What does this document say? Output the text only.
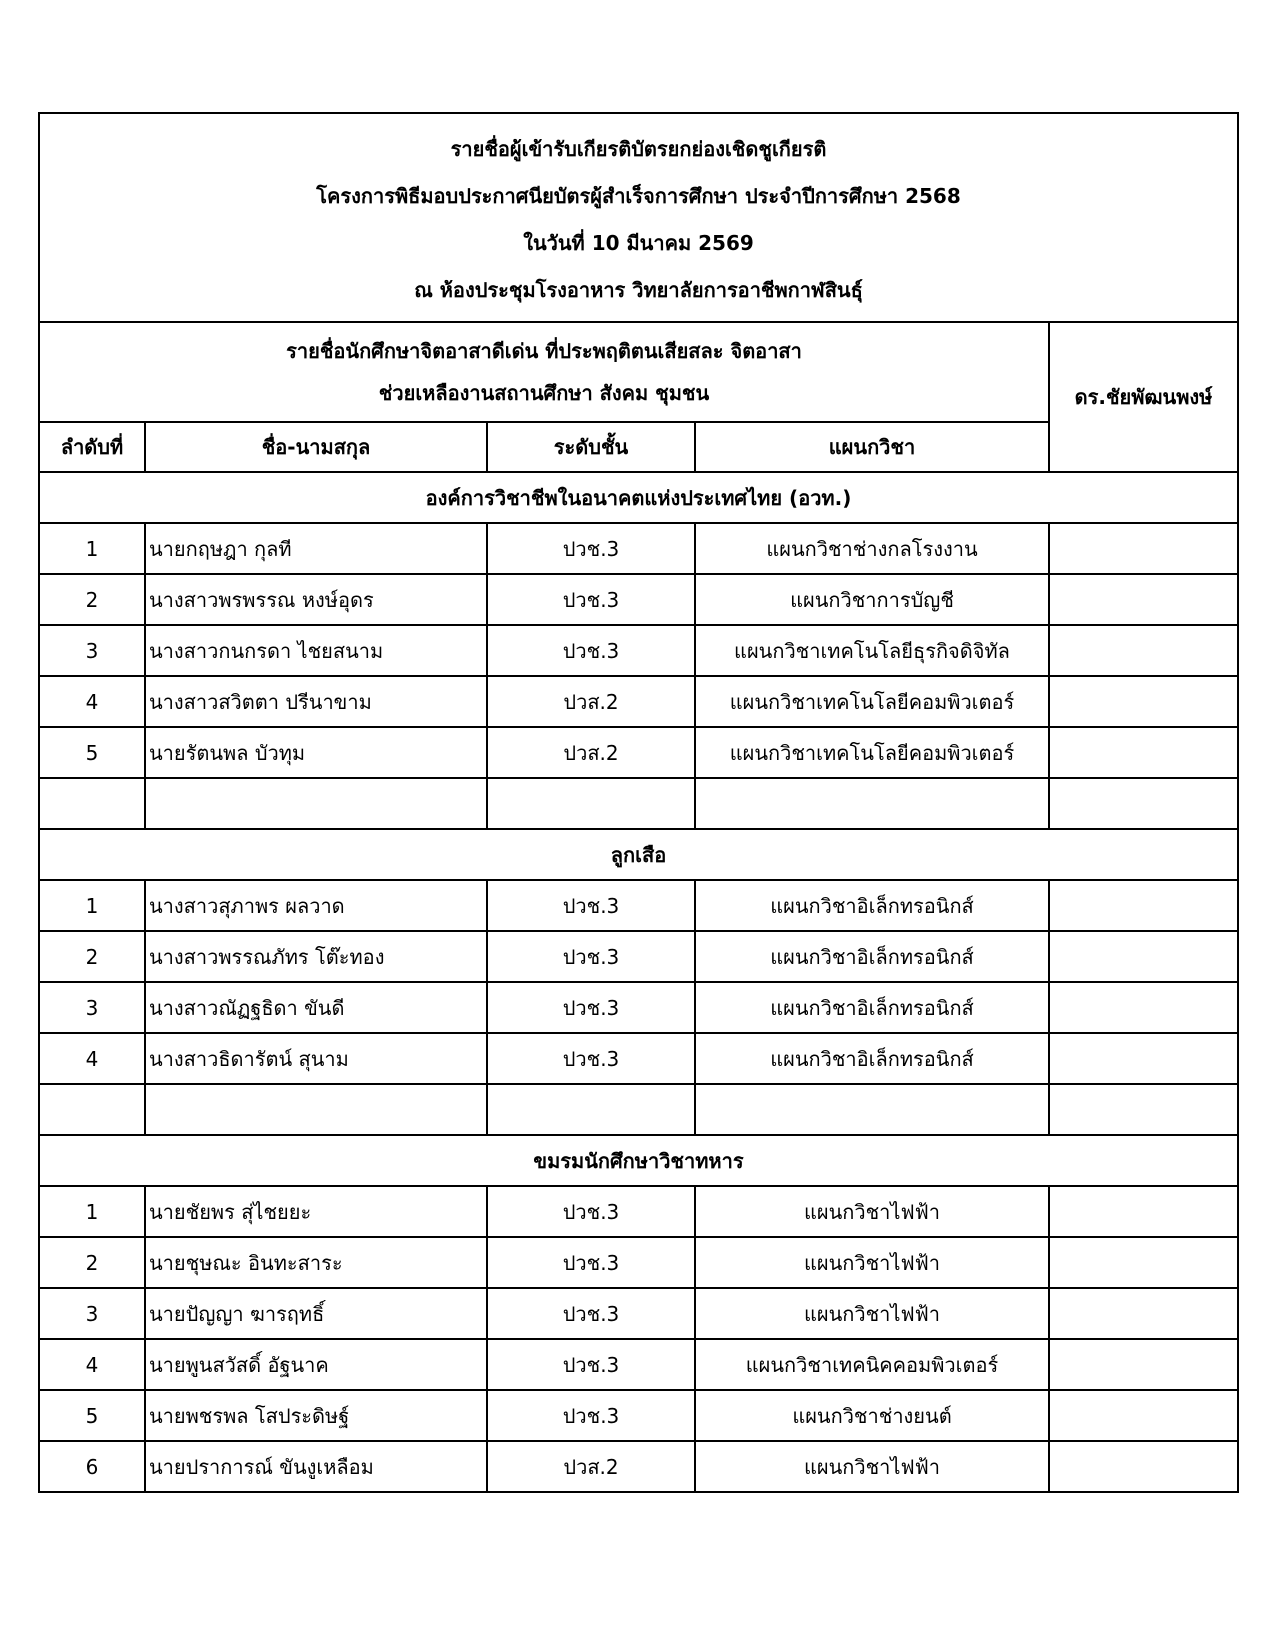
รายชื่อผู้เข้ารับเกียรติบัตรยกย่องเชิดชูเกียรติ
โครงการพิธีมอบประกาศนียบัตรผู้สำเร็จการศึกษา ประจำปีการศึกษา 2568
ในวันที่ 10 มีนาคม 2569
ณ ห้องประชุมโรงอาหาร วิทยาลัยการอาชีพกาฬสินธุ์				

รายชื่อนักศึกษาจิตอาสาดีเด่น ที่ประพฤติตนเสียสละ จิตอาสา
ช่วยเหลืองานสถานศึกษา สังคม ชุมชน				ดร.ชัยพัฒนพงษ์
ลำดับที่	ชื่อ-นามสกุล	ระดับชั้น	แผนกวิชา	
องค์การวิชาชีพในอนาคตแห่งประเทศไทย (อวท.)				
1	นายกฤษฎา กุลที	ปวช.3	แผนกวิชาช่างกลโรงงาน	
2	นางสาวพรพรรณ หงษ์อุดร	ปวช.3	แผนกวิชาการบัญชี	
3	นางสาวกนกรดา ไชยสนาม	ปวช.3	แผนกวิชาเทคโนโลยีธุรกิจดิจิทัล	
4	นางสาวสวิตตา ปรีนาขาม	ปวส.2	แผนกวิชาเทคโนโลยีคอมพิวเตอร์	
5	นายรัตนพล บัวทุม	ปวส.2	แผนกวิชาเทคโนโลยีคอมพิวเตอร์	

ลูกเสือ				
1	นางสาวสุภาพร ผลวาด	ปวช.3	แผนกวิชาอิเล็กทรอนิกส์	
2	นางสาวพรรณภัทร โต๊ะทอง	ปวช.3	แผนกวิชาอิเล็กทรอนิกส์	
3	นางสาวณัฏฐธิดา ขันดี	ปวช.3	แผนกวิชาอิเล็กทรอนิกส์	
4	นางสาวธิดารัตน์ สุนาม	ปวช.3	แผนกวิชาอิเล็กทรอนิกส์	

ขมรมนักศึกษาวิชาทหาร				
1	นายชัยพร สุ่ไชยยะ	ปวช.3	แผนกวิชาไฟฟ้า	
2	นายชุษณะ อินทะสาระ	ปวช.3	แผนกวิชาไฟฟ้า	
3	นายปัญญา ฆารฤทธิ์	ปวช.3	แผนกวิชาไฟฟ้า	
4	นายพูนสวัสดิ์ อัฐนาค	ปวช.3	แผนกวิชาเทคนิคคอมพิวเตอร์	
5	นายพชรพล โสประดิษฐ์	ปวช.3	แผนกวิชาช่างยนต์	
6	นายปราการณ์ ขันงูเหลือม	ปวส.2	แผนกวิชาไฟฟ้า	
